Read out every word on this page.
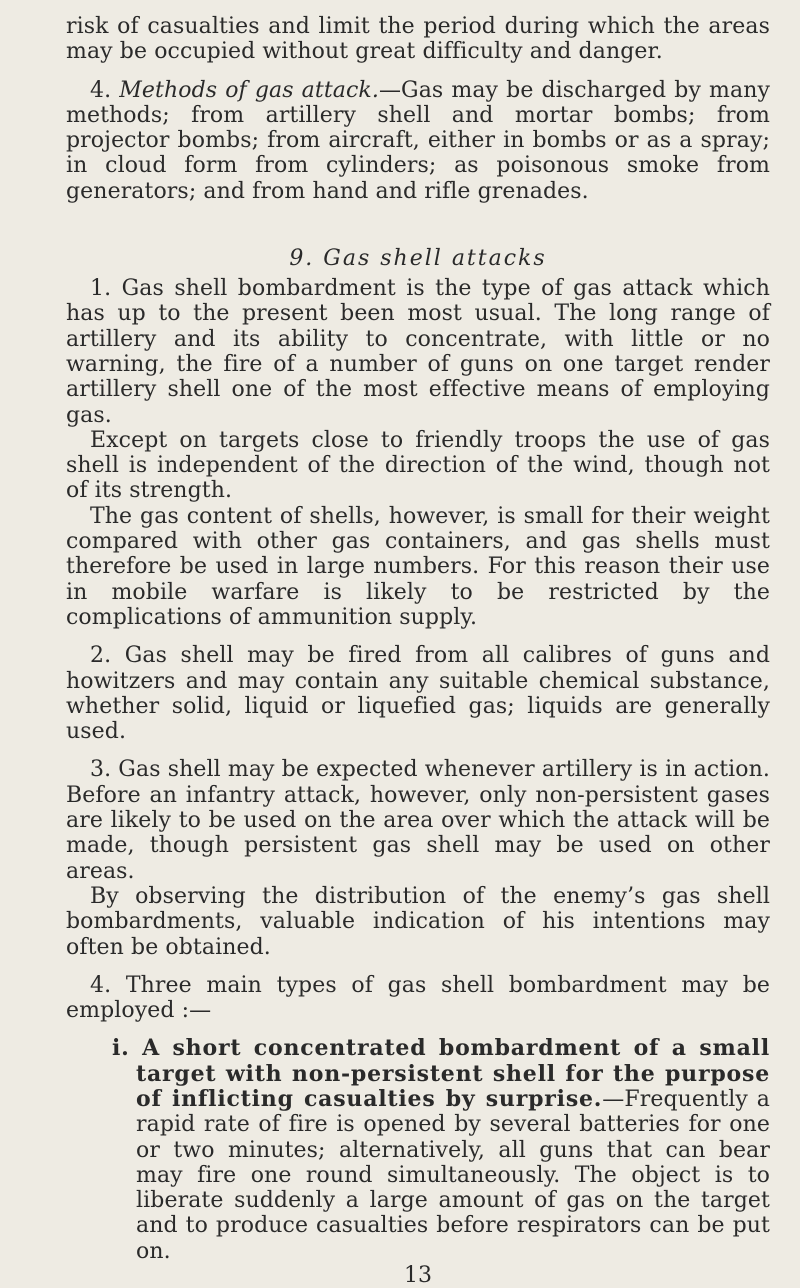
risk of casualties and limit the period during which the areas may be occupied without great difficulty and danger.

4. Methods of gas attack.—Gas may be discharged by many methods; from artillery shell and mortar bombs; from projector bombs; from aircraft, either in bombs or as a spray; in cloud form from cylinders; as poisonous smoke from generators; and from hand and rifle grenades.

9. Gas shell attacks

1. Gas shell bombardment is the type of gas attack which has up to the present been most usual. The long range of artillery and its ability to concentrate, with little or no warning, the fire of a number of guns on one target render artillery shell one of the most effective means of employing gas.

Except on targets close to friendly troops the use of gas shell is independent of the direction of the wind, though not of its strength.

The gas content of shells, however, is small for their weight compared with other gas containers, and gas shells must therefore be used in large numbers. For this reason their use in mobile warfare is likely to be restricted by the complications of ammunition supply.

2. Gas shell may be fired from all calibres of guns and howitzers and may contain any suitable chemical substance, whether solid, liquid or liquefied gas; liquids are generally used.

3. Gas shell may be expected whenever artillery is in action. Before an infantry attack, however, only non-persistent gases are likely to be used on the area over which the attack will be made, though persistent gas shell may be used on other areas.

By observing the distribution of the enemy’s gas shell bombardments, valuable indication of his intentions may often be obtained.

4. Three main types of gas shell bombardment may be employed :—

i. A short concentrated bombardment of a small target with non-persistent shell for the purpose of inflicting casualties by surprise.—Frequently a rapid rate of fire is opened by several batteries for one or two minutes; alternatively, all guns that can bear may fire one round simultaneously. The object is to liberate suddenly a large amount of gas on the target and to produce casualties before respirators can be put on.

13
